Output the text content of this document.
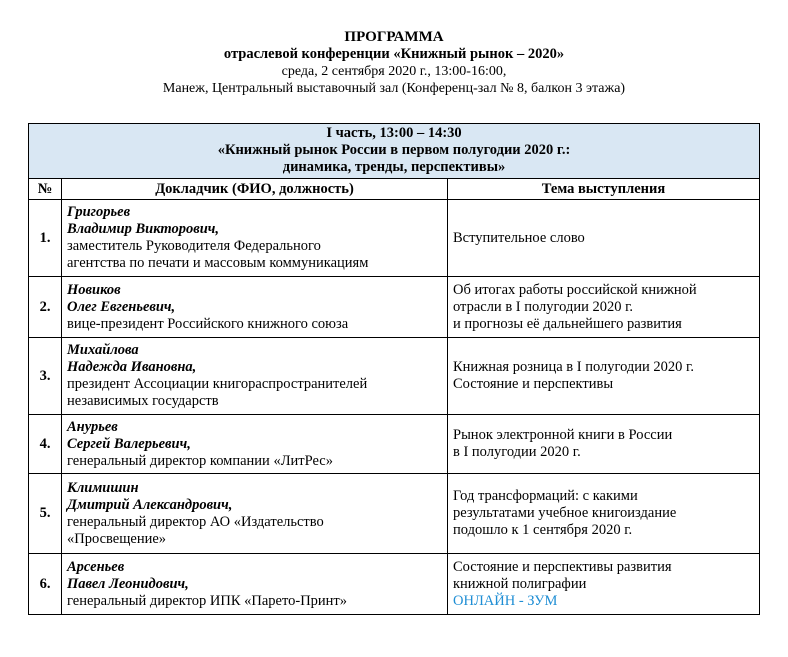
ПРОГРАММА
отраслевой конференции «Книжный рынок – 2020»
среда, 2 сентября 2020 г., 13:00-16:00,
Манеж, Центральный выставочный зал (Конференц-зал № 8, балкон 3 этажа)
I часть, 13:00 – 14:30
«Книжный рынок России в первом полугодии 2020 г.:
динамика, тренды, перспективы»		

№	Докладчик (ФИО, должность)	Тема выступления
1.	Григорьев
Владимир Викторович,
заместитель Руководителя Федерального
агентства по печати и массовым коммуникациям	Вступительное слово

2.	Новиков
Олег Евгеньевич,
вице-президент Российского книжного союза	Об итогах работы российской книжной
отрасли в I полугодии 2020 г.
и прогнозы её дальнейшего развития

3.	Михайлова
Надежда Ивановна,
президент Ассоциации книгораспространителей
независимых государств	Книжная розница в I полугодии 2020 г.
Состояние и перспективы

4.	Анурьев
Сергей Валерьевич,
генеральный директор компании «ЛитРес»	Рынок электронной книги в России
в I полугодии 2020 г.

5.	Климишин
Дмитрий Александрович,
генеральный директор АО «Издательство
«Просвещение»	Год трансформаций: с какими
результатами учебное книгоиздание
подошло к 1 сентября 2020 г.

6.	Арсеньев
Павел Леонидович,
генеральный директор ИПК «Парето-Принт»	Состояние и перспективы развития
книжной полиграфии
ОНЛАЙН - ЗУМ
